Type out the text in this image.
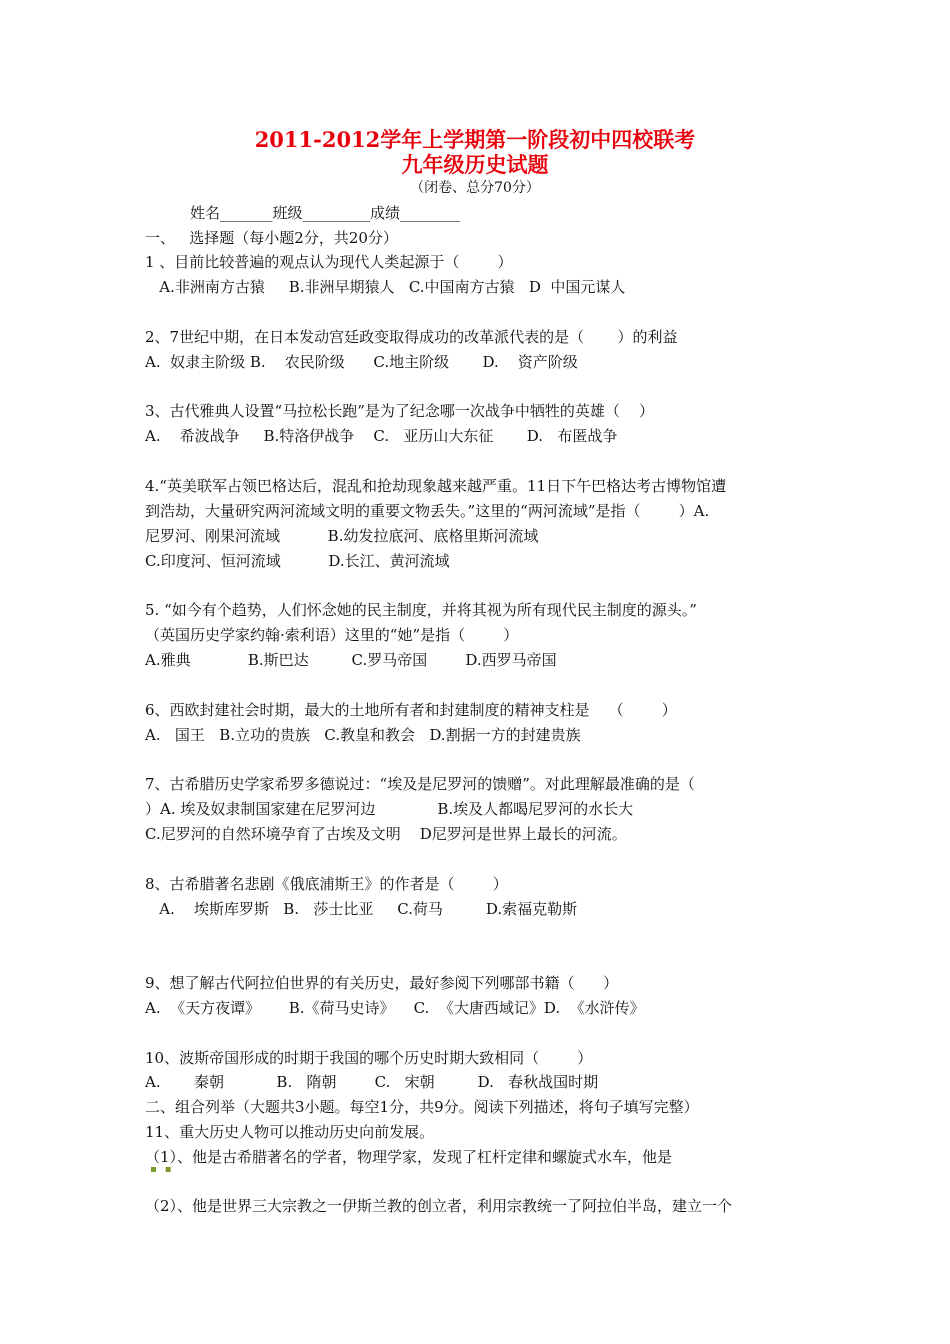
2011-2012学年上学期第一阶段初中四校联考
九年级历史试题
（闭卷、总分70分）
姓名_______班级_________成绩________
一、   选择题（每小题2分，共20分）
1 、目前比较普遍的观点认为现代人类起源于（        ）
A.非洲南方古猿     B.非洲早期猿人   C.中国南方古猿   D  中国元谋人
2、7世纪中期，在日本发动宫廷政变取得成功的改革派代表的是（       ）的利益
A.  奴隶主阶级 B.    农民阶级      C.地主阶级       D.    资产阶级
3、古代雅典人设置“马拉松长跑”是为了纪念哪一次战争中牺牲的英雄（    ）
A.    希波战争     B.特洛伊战争    C.   亚历山大东征       D.   布匿战争
4.“英美联军占领巴格达后，混乱和抢劫现象越来越严重。11日下午巴格达考古博物馆遭
到浩劫，大量研究两河流域文明的重要文物丢失。”这里的“两河流域”是指（        ）A.
尼罗河、刚果河流域          B.幼发拉底河、底格里斯河流域
C.印度河、恒河流域          D.长江、黄河流域
5. “如今有个趋势，人们怀念她的民主制度，并将其视为所有现代民主制度的源头。”
（英国历史学家约翰·索利语）这里的“她”是指（        ）
A.雅典            B.斯巴达         C.罗马帝国        D.西罗马帝国
6、西欧封建社会时期，最大的土地所有者和封建制度的精神支柱是    （        ）
A.   国王   B.立功的贵族   C.教皇和教会   D.割据一方的封建贵族
7、古希腊历史学家希罗多德说过：“埃及是尼罗河的馈赠”。对此理解最准确的是（
）A. 埃及奴隶制国家建在尼罗河边             B.埃及人都喝尼罗河的水长大
C.尼罗河的自然环境孕育了古埃及文明    D尼罗河是世界上最长的河流。
8、古希腊著名悲剧《俄底浦斯王》的作者是（        ）
A.    埃斯库罗斯   B.   莎士比亚     C.荷马         D.索福克勒斯
9、想了解古代阿拉伯世界的有关历史，最好参阅下列哪部书籍（      ）
A.  《天方夜谭》      B.《荷马史诗》    C.  《大唐西域记》D.  《水浒传》
10、波斯帝国形成的时期于我国的哪个历史时期大致相同（        ）
A.       秦朝           B.   隋朝        C.   宋朝         D.   春秋战国时期
二、组合列举（大题共3小题。每空1分，共9分。阅读下列描述，将句子填写完整）
11、重大历史人物可以推动历史向前发展。
（1）、他是古希腊著名的学者，物理学家，发现了杠杆定律和螺旋式水车，他是
▪▪
（2）、他是世界三大宗教之一伊斯兰教的创立者，利用宗教统一了阿拉伯半岛，建立一个
